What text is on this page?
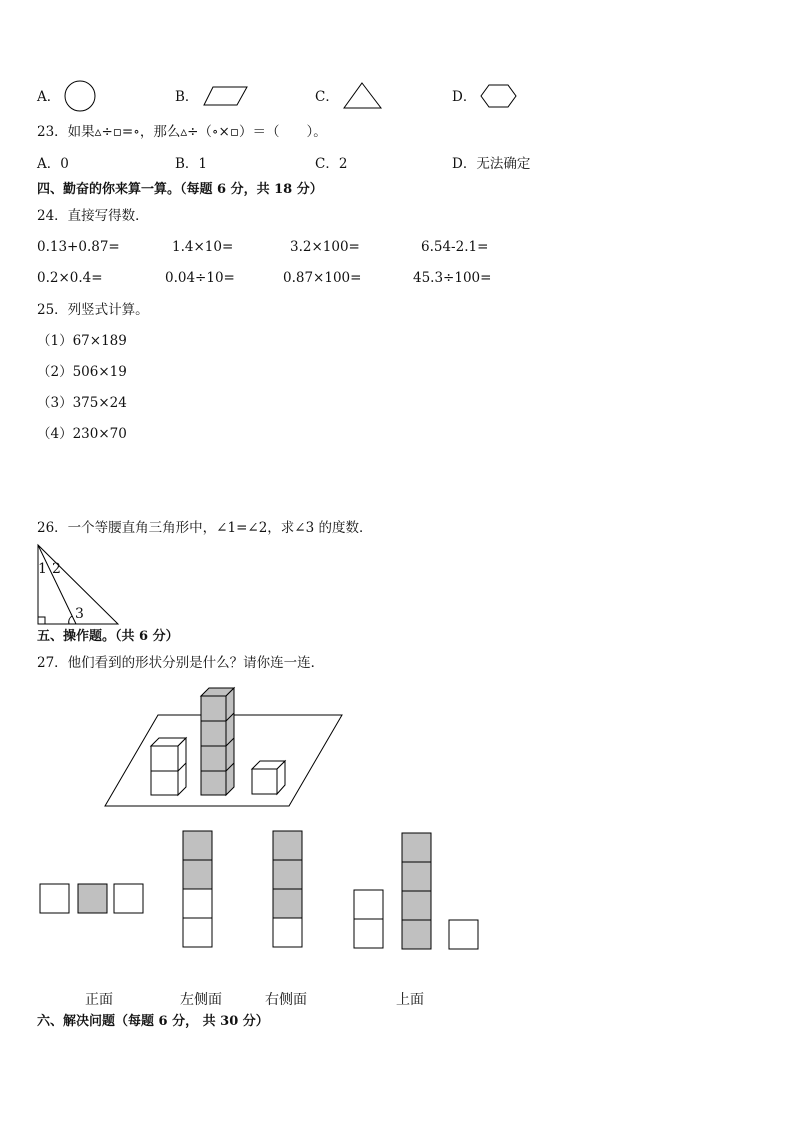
A．	B．	C．	D．
23．如果▵÷▫=∘，那么▵÷（∘×▫）＝（　　）。
A．0	B．1	C．2	D．无法确定
四、勤奋的你来算一算。（每题 6 分，共 18 分）
24．直接写得数．
0.13+0.87=	1.4×10=	3.2×100=	6.54-2.1=
0.2×0.4=	0.04÷10=	0.87×100=	45.3÷100=
25．列竖式计算。
（1）67×189
（2）506×19
（3）375×24
（4）230×70
26．一个等腰直角三角形中，∠1=∠2，求∠3 的度数．
1 2
3
五、操作题。（共 6 分）
27．他们看到的形状分别是什么？请你连一连．
正面	左侧面	右侧面	上面
六、解决问题（每题 6 分， 共 30 分）
